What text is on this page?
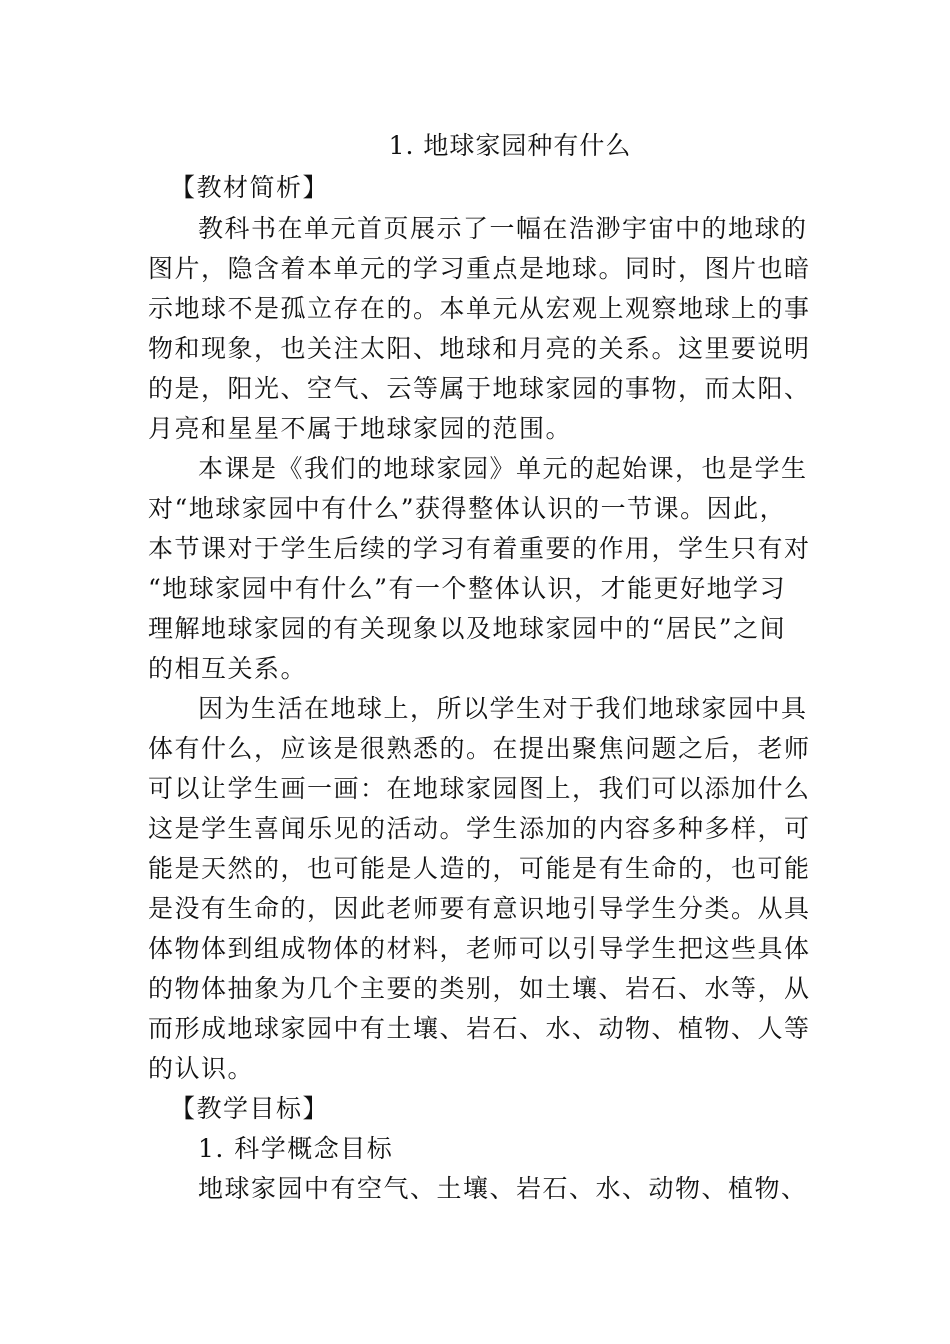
1. 地球家园种有什么
【教材简析】
教科书在单元首页展示了一幅在浩渺宇宙中的地球的
图片，隐含着本单元的学习重点是地球。同时，图片也暗
示地球不是孤立存在的。本单元从宏观上观察地球上的事
物和现象，也关注太阳、地球和月亮的关系。这里要说明
的是，阳光、空气、云等属于地球家园的事物，而太阳、
月亮和星星不属于地球家园的范围。
本课是《我们的地球家园》单元的起始课，也是学生
对“地球家园中有什么”获得整体认识的一节课。因此，
本节课对于学生后续的学习有着重要的作用，学生只有对
“地球家园中有什么”有一个整体认识，才能更好地学习
理解地球家园的有关现象以及地球家园中的“居民”之间
的相互关系。
因为生活在地球上，所以学生对于我们地球家园中具
体有什么，应该是很熟悉的。在提出聚焦问题之后，老师
可以让学生画一画：在地球家园图上，我们可以添加什么
这是学生喜闻乐见的活动。学生添加的内容多种多样，可
能是天然的，也可能是人造的，可能是有生命的，也可能
是没有生命的，因此老师要有意识地引导学生分类。从具
体物体到组成物体的材料，老师可以引导学生把这些具体
的物体抽象为几个主要的类别，如土壤、岩石、水等，从
而形成地球家园中有土壤、岩石、水、动物、植物、人等
的认识。
【教学目标】
1. 科学概念目标
地球家园中有空气、土壤、岩石、水、动物、植物、
